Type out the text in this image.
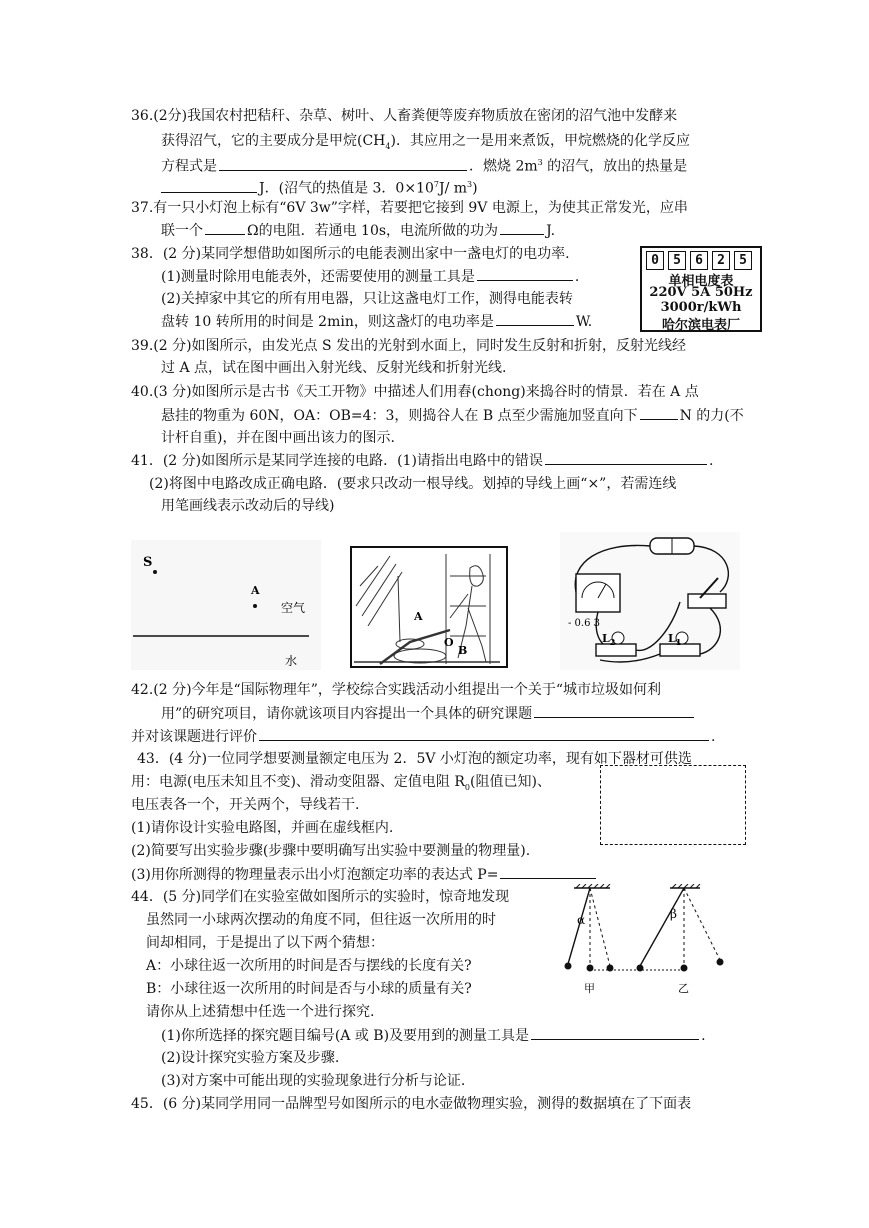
36.(2分)我国农村把秸秆、杂草、树叶、人畜粪便等废弃物质放在密闭的沼气池中发酵来
获得沼气，它的主要成分是甲烷$(CH_4)$．其应用之一是用来煮饭，甲烷燃烧的化学反应
方程式是	．燃烧 $2m^3$ 的沼气，放出的热量是
J．(沼气的热值是 3．$0\times 10^7J/$ $m^3$)
37.有一只小灯泡上标有“6V 3w”字样，若要把它接到 9V 电源上，为使其正常发光，应串
联一个	Ω的电阻．若通电 10s，电流所做的功为	J.
38．(2 分)某同学想借助如图所示的电能表测出家中一盏电灯的电功率.
(1)测量时除用电能表外，还需要使用的测量工具是	.
(2)关掉家中其它的所有用电器，只让这盏电灯工作，测得电能表转
盘转 10 转所用的时间是 2min，则这盏灯的电功率是	W.
0	5	6	2	5
单相电度表
220V 5A 50Hz
3000r/kWh
哈尔滨电表厂
39.(2 分)如图所示，由发光点 S 发出的光射到水面上，同时发生反射和折射，反射光线经
过 A 点，试在图中画出入射光线、反射光线和折射光线.
40.(3 分)如图所示是古书《天工开物》中描述人们用舂(chong)来捣谷时的情景．若在 A 点
悬挂的物重为 60N，OA：OB=4：3，则捣谷人在 B 点至少需施加竖直向下	N 的力(不
计杆自重)，并在图中画出该力的图示.
41．(2 分)如图所示是某同学连接的电路．(1)请指出电路中的错误	.
(2)将图中电路改成正确电路．(要求只改动一根导线。划掉的导线上画“×”，若需连线
用笔画线表示改动后的导线)
S
A
空气
水
A
O
B
- 0.6 3
$L_2$	$L_1$
42.(2 分)今年是“国际物理年”，学校综合实践活动小组提出一个关于“城市垃圾如何利
用”的研究项目，请你就该项目内容提出一个具体的研究课题
并对该课题进行评价	.
43．(4 分)一位同学想要测量额定电压为 2．5V 小灯泡的额定功率，现有如下器材可供选
用：电源(电压未知且不变)、滑动变阻器、定值电阻 $R_0$(阻值已知)、
电压表各一个，开关两个，导线若干.
(1)请你设计实验电路图，并画在虚线框内.
(2)简要写出实验步骤(步骤中要明确写出实验中要测量的物理量).
(3)用你所测得的物理量表示出小灯泡额定功率的表达式 P=
44．(5 分)同学们在实验室做如图所示的实验时，惊奇地发现
虽然同一小球两次摆动的角度不同，但往返一次所用的时
间却相同，于是提出了以下两个猜想：
A：小球往返一次所用的时间是否与摆线的长度有关?
B：小球往返一次所用的时间是否与小球的质量有关?
请你从上述猜想中任选一个进行探究.
(1)你所选择的探究题目编号(A 或 B)及要用到的测量工具是	.
(2)设计探究实验方案及步骤.
(3)对方案中可能出现的实验现象进行分析与论证.
α	β
甲	乙
45．(6 分)某同学用同一品牌型号如图所示的电水壶做物理实验，测得的数据填在了下面表
